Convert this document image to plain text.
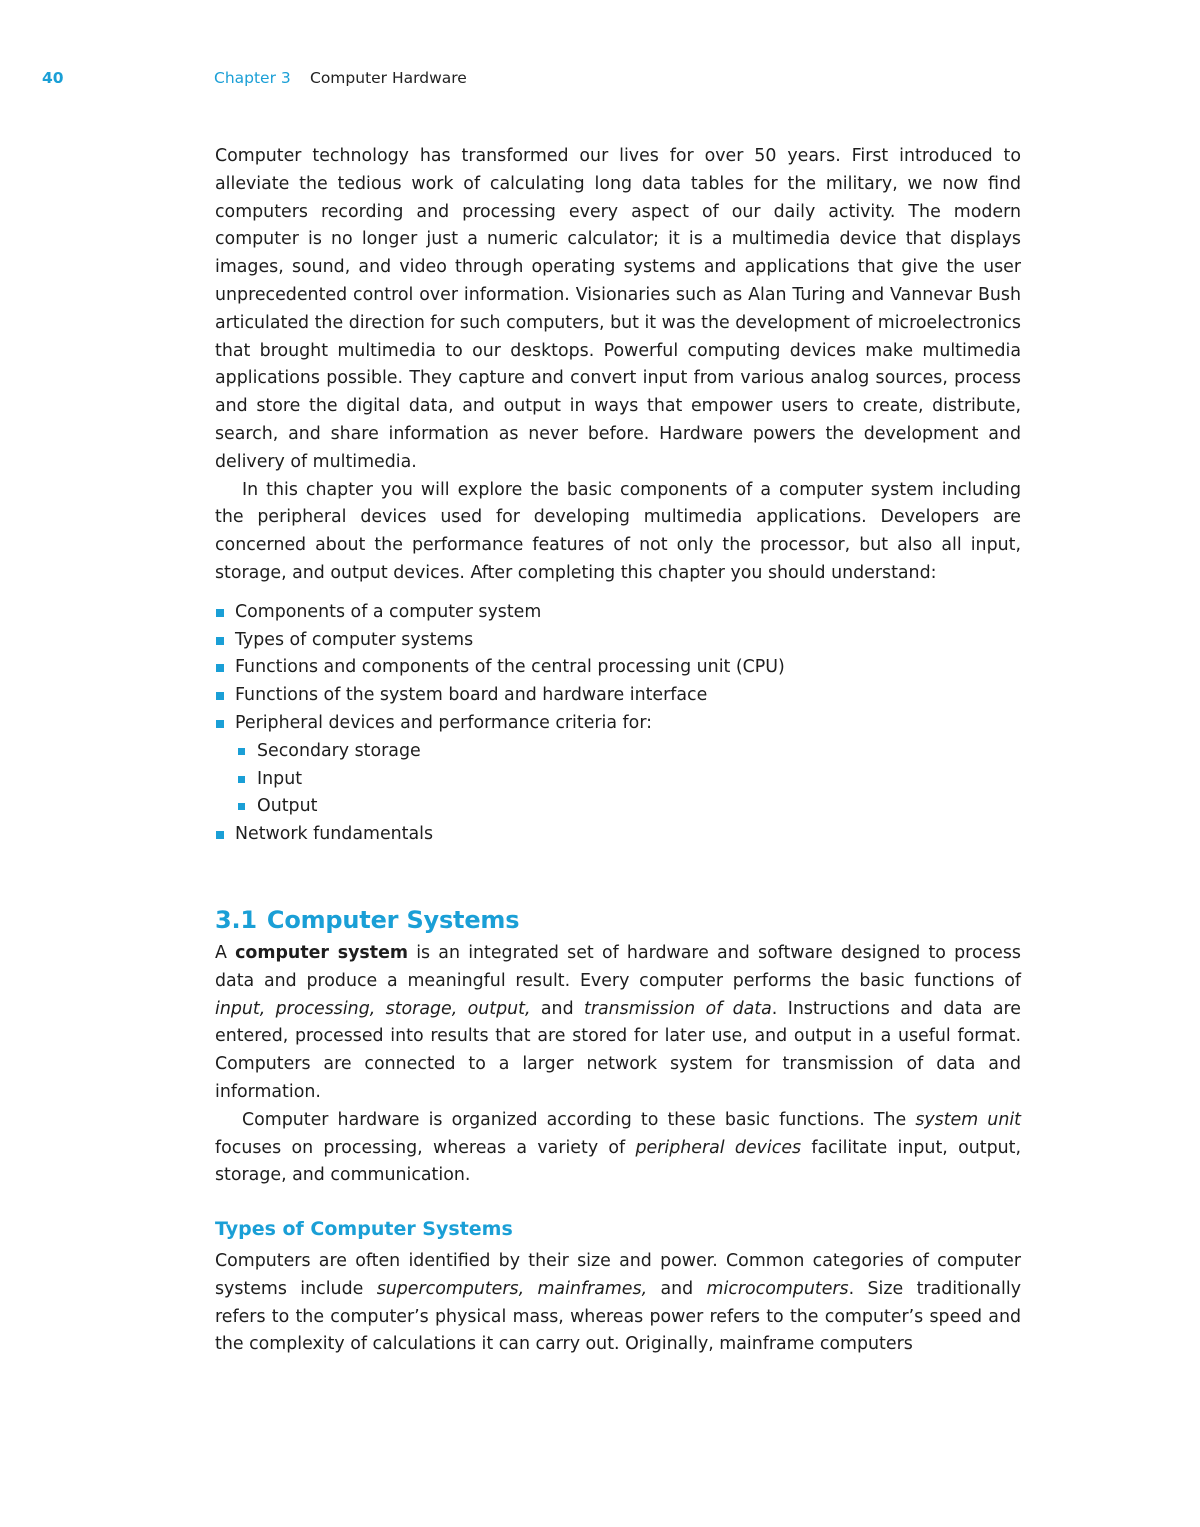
40	Chapter 3 Computer Hardware

Computer technology has transformed our lives for over 50 years. First introduced to alleviate the tedious work of calculating long data tables for the military, we now find computers recording and processing every aspect of our daily activity. The modern computer is no longer just a numeric calculator; it is a multimedia device that displays images, sound, and video through operating systems and applications that give the user unprecedented control over information. Visionaries such as Alan Turing and Vannevar Bush articulated the direction for such computers, but it was the development of microelectronics that brought multimedia to our desktops. Powerful computing devices make multimedia applications possible. They capture and convert input from various analog sources, process and store the digital data, and output in ways that empower users to create, distribute, search, and share information as never before. Hardware powers the development and delivery of multimedia.

In this chapter you will explore the basic components of a computer system including the peripheral devices used for developing multimedia applications. Developers are concerned about the performance features of not only the processor, but also all input, storage, and output devices. After completing this chapter you should understand:

Components of a computer system
Types of computer systems
Functions and components of the central processing unit (CPU)
Functions of the system board and hardware interface
Peripheral devices and performance criteria for:
Secondary storage
Input
Output
Network fundamentals
3.1 Computer Systems

A computer system is an integrated set of hardware and software designed to process data and produce a meaningful result. Every computer performs the basic functions of input, processing, storage, output, and transmission of data. Instructions and data are entered, processed into results that are stored for later use, and output in a useful format. Computers are connected to a larger network system for transmission of data and information.

Computer hardware is organized according to these basic functions. The system unit focuses on processing, whereas a variety of peripheral devices facilitate input, output, storage, and communication.

Types of Computer Systems

Computers are often identified by their size and power. Common categories of computer systems include supercomputers, mainframes, and microcomputers. Size traditionally refers to the computer’s physical mass, whereas power refers to the computer’s speed and the complexity of calculations it can carry out. Originally, mainframe computers
